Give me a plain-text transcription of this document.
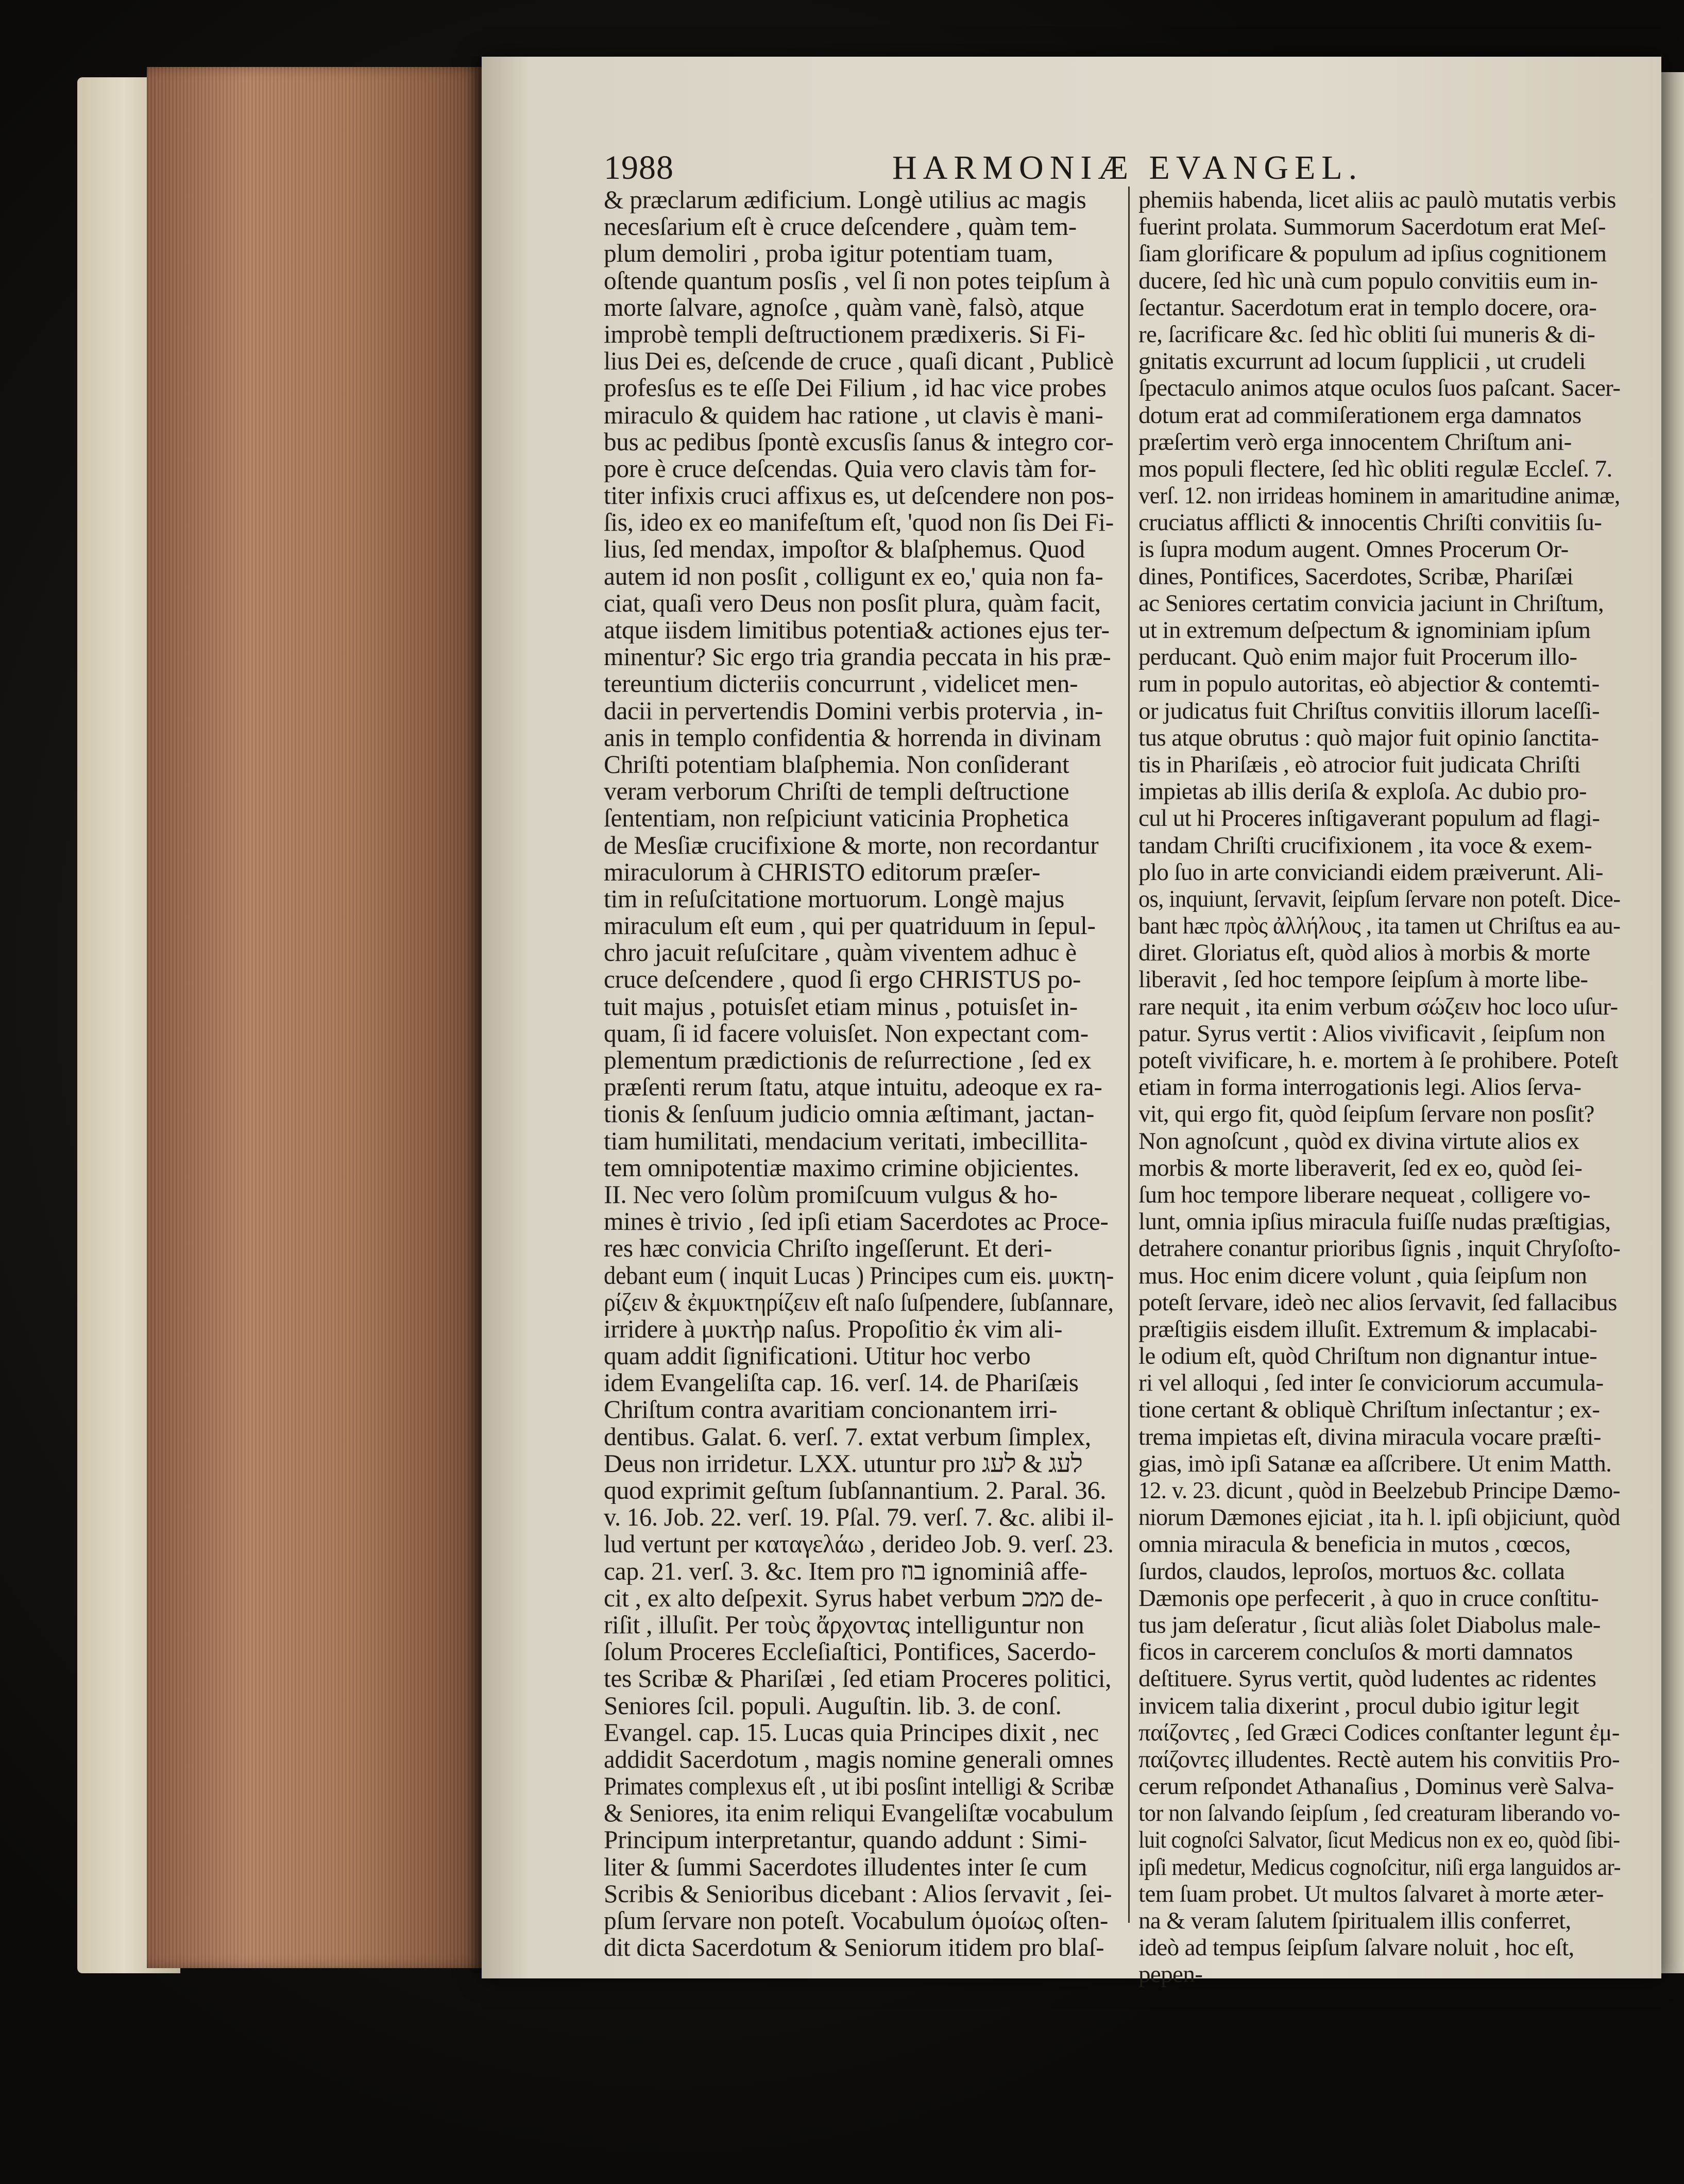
1988	HARMONIÆ EVANGEL.
& præclarum ædificium. Longè utilius ac magis
necesſarium eſt è cruce deſcendere , quàm tem-
plum demoliri , proba igitur potentiam tuam,
oſtende quantum posſis , vel ſi non potes teipſum à
morte ſalvare, agnoſce , quàm vanè, falsò, atque
improbè templi deſtructionem prædixeris. Si Fi-
lius Dei es, deſcende de cruce , quaſi dicant , Publicè
profesſus es te eſſe Dei Filium , id hac vice probes
miraculo & quidem hac ratione , ut clavis è mani-
bus ac pedibus ſpontè excusſis ſanus & integro cor-
pore è cruce deſcendas. Quia vero clavis tàm for-
titer infixis cruci affixus es, ut deſcendere non pos-
ſis, ideo ex eo manifeſtum eſt, 'quod non ſis Dei Fi-
lius, ſed mendax, impoſtor & blaſphemus. Quod
autem id non posſit , colligunt ex eo,' quia non fa-
ciat, quaſi vero Deus non posſit plura, quàm facit,
atque iisdem limitibus potentia& actiones ejus ter-
minentur? Sic ergo tria grandia peccata in his præ-
tereuntium dicteriis concurrunt , videlicet men-
dacii in pervertendis Domini verbis protervia , in-
anis in templo confidentia & horrenda in divinam
Chriſti potentiam blaſphemia. Non conſiderant
veram verborum Chriſti de templi deſtructione
ſententiam, non reſpiciunt vaticinia Prophetica
de Mesſiæ crucifixione & morte, non recordantur
miraculorum à CHRISTO editorum præſer-
tim in reſuſcitatione mortuorum. Longè majus
miraculum eſt eum , qui per quatriduum in ſepul-
chro jacuit reſuſcitare , quàm viventem adhuc è
cruce deſcendere , quod ſi ergo CHRISTUS po-
tuit majus , potuisſet etiam minus , potuisſet in-
quam, ſi id facere voluisſet. Non expectant com-
plementum prædictionis de reſurrectione , ſed ex
præſenti rerum ſtatu, atque intuitu, adeoque ex ra-
tionis & ſenſuum judicio omnia æſtimant, jactan-
tiam humilitati, mendacium veritati, imbecillita-
tem omnipotentiæ maximo crimine objicientes.
II. Nec vero ſolùm promiſcuum vulgus & ho-
mines è trivio , ſed ipſi etiam Sacerdotes ac Proce-
res hæc convicia Chriſto ingeſſerunt. Et deri-
debant eum ( inquit Lucas ) Principes cum eis. μυκτη-
ρίζειν & ἐκμυκτηρίζειν eſt naſo ſuſpendere, ſubſannare,
irridere à μυκτὴρ naſus. Propoſitio ἐκ vim ali-
quam addit ſignificationi. Utitur hoc verbo
idem Evangeliſta cap. 16. verſ. 14. de Phariſæis
Chriſtum contra avaritiam concionantem irri-
dentibus. Galat. 6. verſ. 7. extat verbum ſimplex,
Deus non irridetur. LXX. utuntur pro לעג & לעג
quod exprimit geſtum ſubſannantium. 2. Paral. 36.
v. 16. Job. 22. verſ. 19. Pſal. 79. verſ. 7. &c. alibi il-
lud vertunt per καταγελάω , derideo Job. 9. verſ. 23.
cap. 21. verſ. 3. &c. Item pro בוז ignominiâ affe-
cit , ex alto deſpexit. Syrus habet verbum ממכ de-
riſit , illuſit. Per τοὺς ἄρχοντας intelliguntur non
ſolum Proceres Eccleſiaſtici, Pontifices, Sacerdo-
tes Scribæ & Phariſæi , ſed etiam Proceres politici,
Seniores ſcil. populi. Auguſtin. lib. 3. de conſ.
Evangel. cap. 15. Lucas quia Principes dixit , nec
addidit Sacerdotum , magis nomine generali omnes
Primates complexus eſt , ut ibi posſint intelligi & Scribæ
& Seniores, ita enim reliqui Evangeliſtæ vocabulum
Principum interpretantur, quando addunt : Simi-
liter & ſummi Sacerdotes illudentes inter ſe cum
Scribis & Senioribus dicebant : Alios ſervavit , ſei-
pſum ſervare non poteſt. Vocabulum ὁμοίως oſten-
dit dicta Sacerdotum & Seniorum itidem pro blaſ-
phemiis habenda, licet aliis ac paulò mutatis verbis
fuerint prolata. Summorum Sacerdotum erat Meſ-
ſiam glorificare & populum ad ipſius cognitionem
ducere, ſed hìc unà cum populo convitiis eum in-
ſectantur. Sacerdotum erat in templo docere, ora-
re, ſacrificare &c. ſed hìc obliti ſui muneris & di-
gnitatis excurrunt ad locum ſupplicii , ut crudeli
ſpectaculo animos atque oculos ſuos paſcant. Sacer-
dotum erat ad commiſerationem erga damnatos
præſertim verò erga innocentem Chriſtum ani-
mos populi flectere, ſed hìc obliti regulæ Eccleſ. 7.
verſ. 12. non irrideas hominem in amaritudine animæ,
cruciatus afflicti & innocentis Chriſti convitiis ſu-
is ſupra modum augent. Omnes Procerum Or-
dines, Pontifices, Sacerdotes, Scribæ, Phariſæi
ac Seniores certatim convicia jaciunt in Chriſtum,
ut in extremum deſpectum & ignominiam ipſum
perducant. Quò enim major fuit Procerum illo-
rum in populo autoritas, eò abjectior & contemti-
or judicatus fuit Chriſtus convitiis illorum laceſſi-
tus atque obrutus : quò major fuit opinio ſanctita-
tis in Phariſæis , eò atrocior fuit judicata Chriſti
impietas ab illis deriſa & exploſa. Ac dubio pro-
cul ut hi Proceres inſtigaverant populum ad flagi-
tandam Chriſti crucifixionem , ita voce & exem-
plo ſuo in arte conviciandi eidem præiverunt. Ali-
os, inquiunt, ſervavit, ſeipſum ſervare non poteſt. Dice-
bant hæc πρὸς ἀλλήλους , ita tamen ut Chriſtus ea au-
diret. Gloriatus eſt, quòd alios à morbis & morte
liberavit , ſed hoc tempore ſeipſum à morte libe-
rare nequit , ita enim verbum σώζειν hoc loco uſur-
patur. Syrus vertit : Alios vivificavit , ſeipſum non
poteſt vivificare, h. e. mortem à ſe prohibere. Poteſt
etiam in forma interrogationis legi. Alios ſerva-
vit, qui ergo fit, quòd ſeipſum ſervare non posſit?
Non agnoſcunt , quòd ex divina virtute alios ex
morbis & morte liberaverit, ſed ex eo, quòd ſei-
ſum hoc tempore liberare nequeat , colligere vo-
lunt, omnia ipſius miracula fuiſſe nudas præſtigias,
detrahere conantur prioribus ſignis , inquit Chryſoſto-
mus. Hoc enim dicere volunt , quia ſeipſum non
poteſt ſervare, ideò nec alios ſervavit, ſed fallacibus
præſtigiis eisdem illuſit. Extremum & implacabi-
le odium eſt, quòd Chriſtum non dignantur intue-
ri vel alloqui , ſed inter ſe conviciorum accumula-
tione certant & obliquè Chriſtum inſectantur ; ex-
trema impietas eſt, divina miracula vocare præſti-
gias, imò ipſi Satanæ ea aſſcribere. Ut enim Matth.
12. v. 23. dicunt , quòd in Beelzebub Principe Dæmo-
niorum Dæmones ejiciat , ita h. l. ipſi objiciunt, quòd
omnia miracula & beneficia in mutos , cœcos,
ſurdos, claudos, leproſos, mortuos &c. collata
Dæmonis ope perfecerit , à quo in cruce conſtitu-
tus jam deſeratur , ſicut aliàs ſolet Diabolus male-
ficos in carcerem concluſos & morti damnatos
deſtituere. Syrus vertit, quòd ludentes ac ridentes
invicem talia dixerint , procul dubio igitur legit
παίζοντες , ſed Græci Codices conſtanter legunt ἐμ-
παίζοντες illudentes. Rectè autem his convitiis Pro-
cerum reſpondet Athanaſius , Dominus verè Salva-
tor non ſalvando ſeipſum , ſed creaturam liberando vo-
luit cognoſci Salvator, ſicut Medicus non ex eo, quòd ſibi-
ipſi medetur, Medicus cognoſcitur, niſi erga languidos ar-
tem ſuam probet. Ut multos ſalvaret à morte æter-
na & veram ſalutem ſpiritualem illis conferret,
ideò ad tempus ſeipſum ſalvare noluit , hoc eſt,
pepen-
